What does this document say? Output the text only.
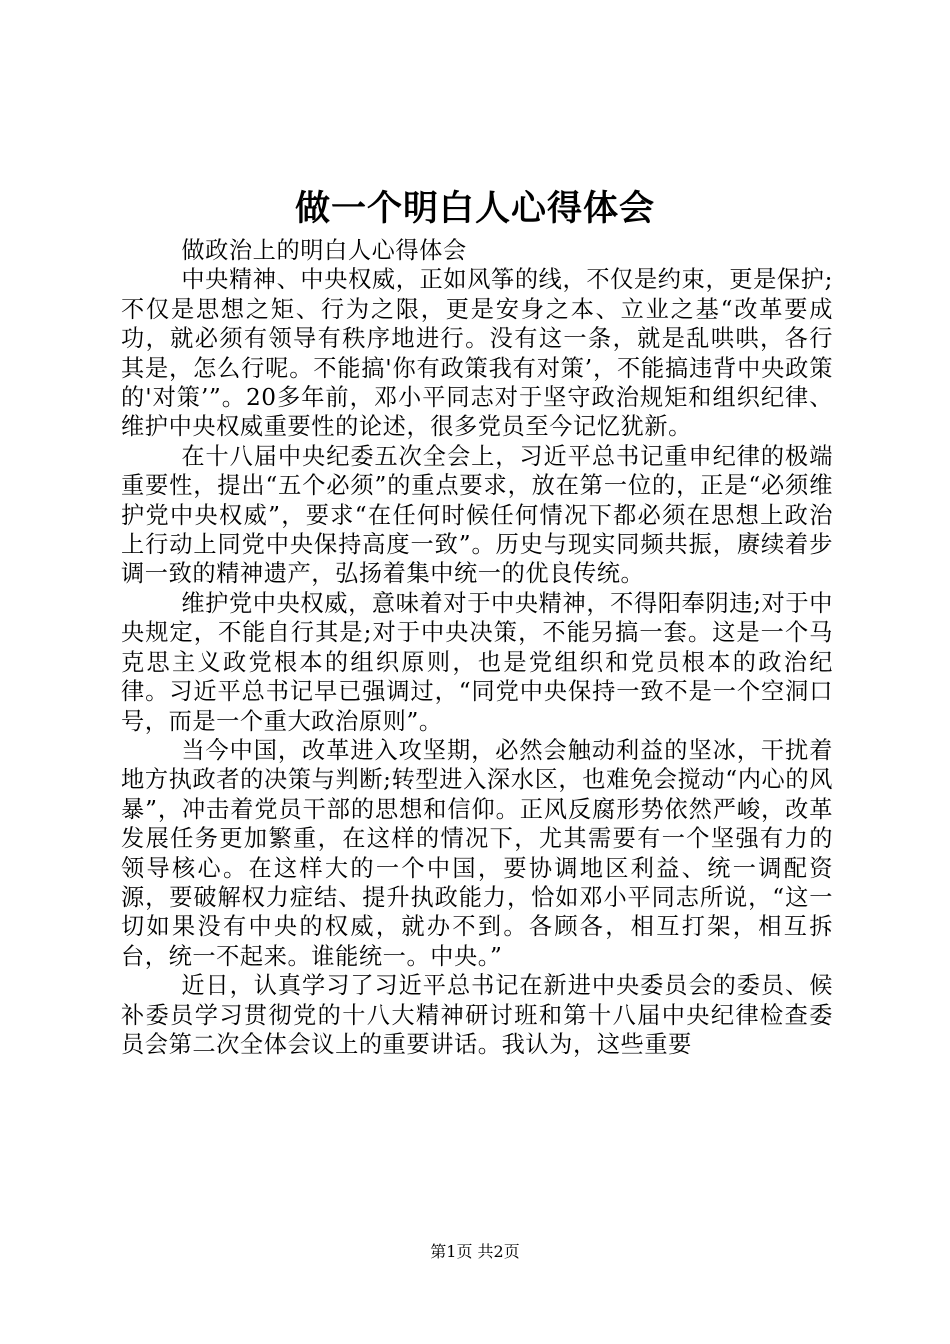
做一个明白人心得体会

做政治上的明白人心得体会

中央精神、中央权威，正如风筝的线，不仅是约束，更是保护;不仅是思想之矩、行为之限，更是安身之本、立业之基“改革要成功，就必须有领导有秩序地进行。没有这一条，就是乱哄哄，各行其是，怎么行呢。不能搞'你有政策我有对策’，不能搞违背中央政策的'对策’”。20多年前，邓小平同志对于坚守政治规矩和组织纪律、维护中央权威重要性的论述，很多党员至今记忆犹新。

在十八届中央纪委五次全会上，习近平总书记重申纪律的极端重要性，提出“五个必须”的重点要求，放在第一位的，正是“必须维护党中央权威”，要求“在任何时候任何情况下都必须在思想上政治上行动上同党中央保持高度一致”。历史与现实同频共振，赓续着步调一致的精神遗产，弘扬着集中统一的优良传统。

维护党中央权威，意味着对于中央精神，不得阳奉阴违;对于中央规定，不能自行其是;对于中央决策，不能另搞一套。这是一个马克思主义政党根本的组织原则，也是党组织和党员根本的政治纪律。习近平总书记早已强调过，“同党中央保持一致不是一个空洞口号，而是一个重大政治原则”。

当今中国，改革进入攻坚期，必然会触动利益的坚冰，干扰着地方执政者的决策与判断;转型进入深水区，也难免会搅动“内心的风暴”，冲击着党员干部的思想和信仰。正风反腐形势依然严峻，改革发展任务更加繁重，在这样的情况下，尤其需要有一个坚强有力的领导核心。在这样大的一个中国，要协调地区利益、统一调配资源，要破解权力症结、提升执政能力，恰如邓小平同志所说，“这一切如果没有中央的权威，就办不到。各顾各，相互打架，相互拆台，统一不起来。谁能统一。中央。”

近日，认真学习了习近平总书记在新进中央委员会的委员、候补委员学习贯彻党的十八大精神研讨班和第十八届中央纪律检查委员会第二次全体会议上的重要讲话。我认为，这些重要

第1页 共2页
